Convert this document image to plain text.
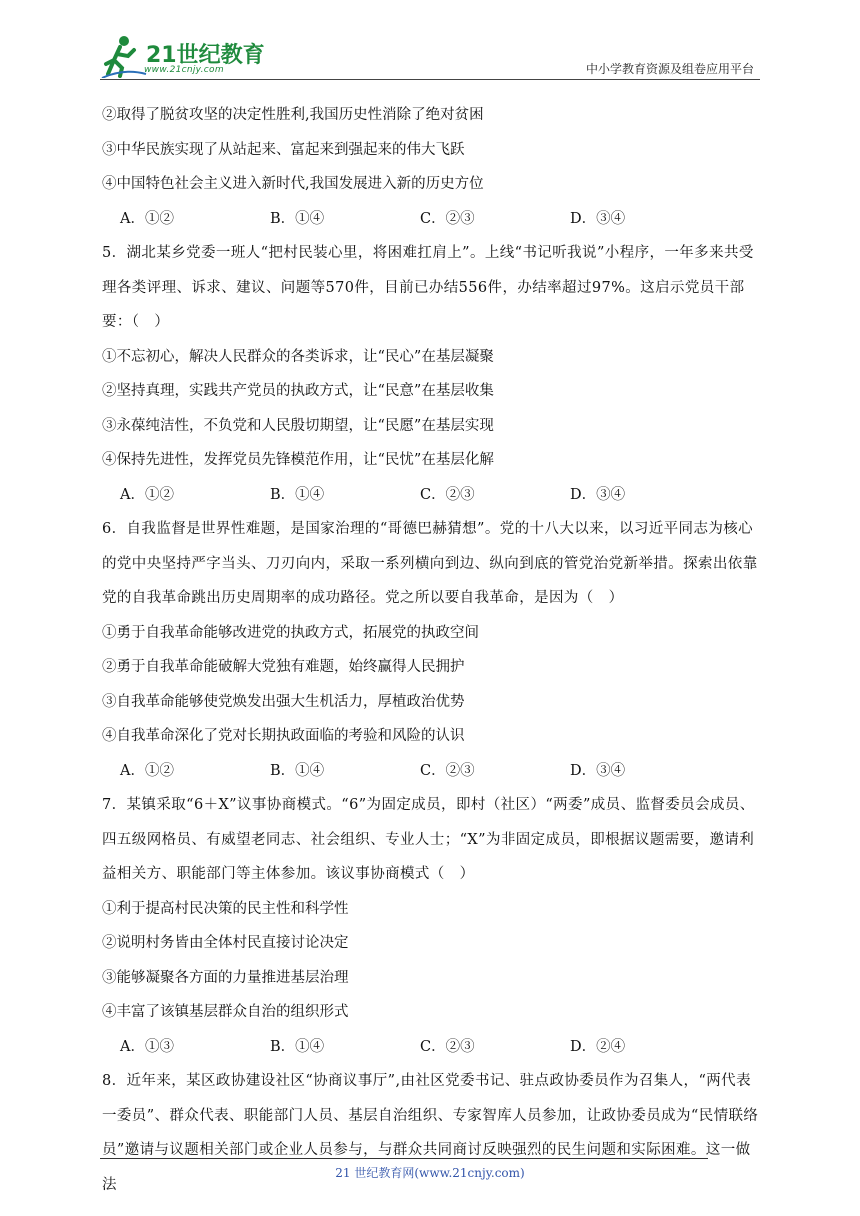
21世纪教育
www.21cnjy.com	中小学教育资源及组卷应用平台
②取得了脱贫攻坚的决定性胜利,我国历史性消除了绝对贫困
③中华民族实现了从站起来、富起来到强起来的伟大飞跃
④中国特色社会主义进入新时代,我国发展进入新的历史方位
A．①②	B．①④	C．②③	D．③④
5．湖北某乡党委一班人“把村民装心里，将困难扛肩上”。上线“书记听我说”小程序，一年多来共受理各类评理、诉求、建议、问题等570件，目前已办结556件，办结率超过97%。这启示党员干部要：（　）
①不忘初心，解决人民群众的各类诉求，让“民心”在基层凝聚
②坚持真理，实践共产党员的执政方式，让“民意”在基层收集
③永葆纯洁性，不负党和人民殷切期望，让“民愿”在基层实现
④保持先进性，发挥党员先锋模范作用，让“民忧”在基层化解
A．①②	B．①④	C．②③	D．③④
6．自我监督是世界性难题，是国家治理的“哥德巴赫猜想”。党的十八大以来，以习近平同志为核心的党中央坚持严字当头、刀刃向内，采取一系列横向到边、纵向到底的管党治党新举措。探索出依靠党的自我革命跳出历史周期率的成功路径。党之所以要自我革命，是因为（　）
①勇于自我革命能够改进党的执政方式，拓展党的执政空间
②勇于自我革命能破解大党独有难题，始终赢得人民拥护
③自我革命能够使党焕发出强大生机活力，厚植政治优势
④自我革命深化了党对长期执政面临的考验和风险的认识
A．①②	B．①④	C．②③	D．③④
7．某镇采取“6＋X”议事协商模式。“6”为固定成员，即村（社区）“两委”成员、监督委员会成员、四五级网格员、有威望老同志、社会组织、专业人士；“X”为非固定成员，即根据议题需要，邀请利益相关方、职能部门等主体参加。该议事协商模式（　）
①利于提高村民决策的民主性和科学性
②说明村务皆由全体村民直接讨论决定
③能够凝聚各方面的力量推进基层治理
④丰富了该镇基层群众自治的组织形式
A．①③	B．①④	C．②③	D．②④
8．近年来，某区政协建设社区“协商议事厅”,由社区党委书记、驻点政协委员作为召集人，“两代表一委员”、群众代表、职能部门人员、基层自治组织、专家智库人员参加，让政协委员成为“民情联络员”邀请与议题相关部门或企业人员参与，与群众共同商讨反映强烈的民生问题和实际困难。这一做法
21 世纪教育网(www.21cnjy.com)
